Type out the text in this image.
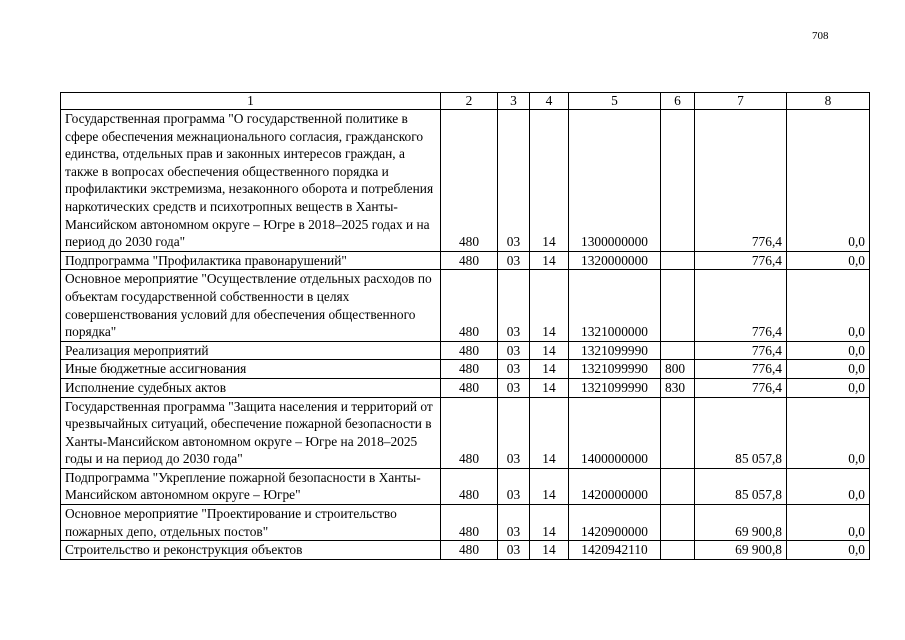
708
1	2	3	4	5	6	7	8
Государственная программа "О государственной политике в сфере обеспечения межнационального согласия, гражданского единства, отдельных прав и законных интересов граждан, а также в вопросах обеспечения общественного порядка и профилактики экстремизма, незаконного оборота и потребления наркотических средств и психотропных веществ в Ханты-Мансийском автономном округе – Югре в 2018–2025 годах и на период до 2030 года"	480	03	14	1300000000		776,4	0,0
Подпрограмма "Профилактика правонарушений"	480	03	14	1320000000		776,4	0,0
Основное мероприятие "Осуществление отдельных расходов по объектам государственной собственности в целях совершенствования условий для обеспечения общественного порядка"	480	03	14	1321000000		776,4	0,0
Реализация мероприятий	480	03	14	1321099990		776,4	0,0
Иные бюджетные ассигнования	480	03	14	1321099990	800	776,4	0,0
Исполнение судебных актов	480	03	14	1321099990	830	776,4	0,0
Государственная программа "Защита населения и территорий от чрезвычайных ситуаций, обеспечение пожарной безопасности в Ханты-Мансийском автономном округе – Югре на 2018–2025 годы и на период до 2030 года"	480	03	14	1400000000		85 057,8	0,0
Подпрограмма "Укрепление пожарной безопасности в Ханты-Мансийском автономном округе – Югре"	480	03	14	1420000000		85 057,8	0,0
Основное мероприятие "Проектирование и строительство пожарных депо, отдельных постов"	480	03	14	1420900000		69 900,8	0,0
Строительство и реконструкция объектов	480	03	14	1420942110		69 900,8	0,0
